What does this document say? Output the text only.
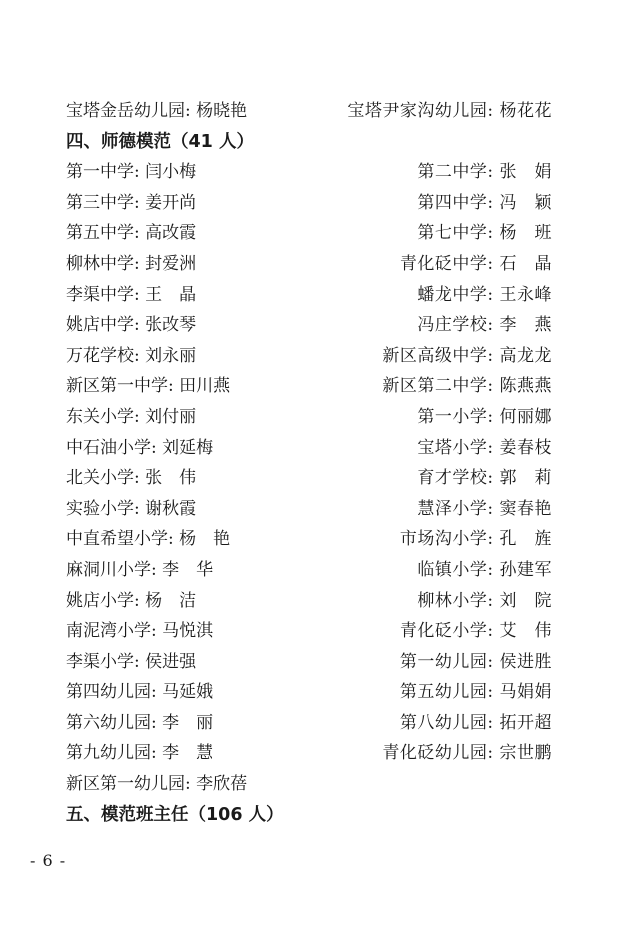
宝塔金岳幼儿园: 杨晓艳	宝塔尹家沟幼儿园: 杨花花
四、师德模范（41 人）
第一中学: 闫小梅	第二中学: 张　娟
第三中学: 姜开尚	第四中学: 冯　颖
第五中学: 高改霞	第七中学: 杨　班
柳林中学: 封爱洲	青化砭中学: 石　晶
李渠中学: 王　晶	蟠龙中学: 王永峰
姚店中学: 张改琴	冯庄学校: 李　燕
万花学校: 刘永丽	新区高级中学: 高龙龙
新区第一中学: 田川燕	新区第二中学: 陈燕燕
东关小学: 刘付丽	第一小学: 何丽娜
中石油小学: 刘延梅	宝塔小学: 姜春枝
北关小学: 张　伟	育才学校: 郭　莉
实验小学: 谢秋霞	慧泽小学: 窦春艳
中直希望小学: 杨　艳	市场沟小学: 孔　旌
麻洞川小学: 李　华	临镇小学: 孙建军
姚店小学: 杨　洁	柳林小学: 刘　院
南泥湾小学: 马悦淇	青化砭小学: 艾　伟
李渠小学: 侯进强	第一幼儿园: 侯进胜
第四幼儿园: 马延娥	第五幼儿园: 马娟娟
第六幼儿园: 李　丽	第八幼儿园: 拓开超
第九幼儿园: 李　慧	青化砭幼儿园: 宗世鹏
新区第一幼儿园: 李欣蓓
五、模范班主任（106 人）
- 6 -
